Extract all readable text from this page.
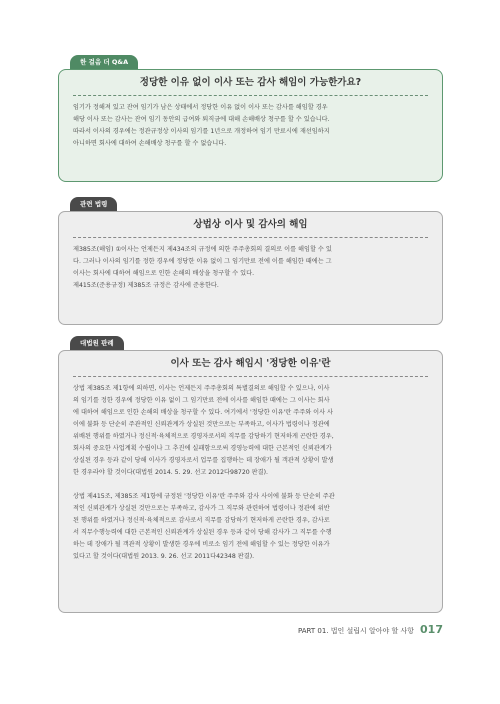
한 걸음 더 Q&A
정당한 이유 없이 이사 또는 감사 해임이 가능한가요?

임기가 정해져 있고 잔여 임기가 남은 상태에서 정당한 이유 없이 이사 또는 감사를 해임할 경우

해당 이사 또는 감사는 잔여 임기 동안의 급여와 퇴직금에 대해 손해배상 청구를 할 수 있습니다.

따라서 이사의 경우에는 정관규정상 이사의 임기를 1년으로 개정하여 임기 만료시에 재선임하지

아니하면 회사에 대하여 손해배상 청구를 할 수 없습니다.

관련 법령
상법상 이사 및 감사의 해임

제385조(해임) ①이사는 언제든지 제434조의 규정에 의한 주주총회의 결의로 이를 해임할 수 있

다. 그러나 이사의 임기를 정한 경우에 정당한 이유 없이 그 임기만료 전에 이를 해임한 때에는 그

이사는 회사에 대하여 해임으로 인한 손해의 배상을 청구할 수 있다.

제415조(준용규정) 제385조 규정은 감사에 준용한다.

대법원 판례
이사 또는 감사 해임시 '정당한 이유'란

상법 제385조 제1항에 의하면, 이사는 언제든지 주주총회의 특별결의로 해임할 수 있으나, 이사

의 임기를 정한 경우에 정당한 이유 없이 그 임기만료 전에 이사를 해임한 때에는 그 이사는 회사

에 대하여 해임으로 인한 손해의 배상을 청구할 수 있다. 여기에서 '정당한 이유'란 주주와 이사 사

이에 불화 등 단순히 주관적인 신뢰관계가 상실된 것만으로는 부족하고, 이사가 법령이나 정관에

위배된 행위를 하였거나 정신적·육체적으로 경영자로서의 직무를 감당하기 현저하게 곤란한 경우,

회사의 중요한 사업계획 수립이나 그 추진에 실패함으로써 경영능력에 대한 근본적인 신뢰관계가

상실된 경우 등과 같이 당해 이사가 경영자로서 업무를 집행하는 데 장애가 될 객관적 상황이 발생

한 경우라야 할 것이다(대법원 2014. 5. 29. 선고 2012다98720 판결).

상법 제415조, 제385조 제1항에 규정된 '정당한 이유'란 주주와 감사 사이에 불화 등 단순히 주관

적인 신뢰관계가 상실된 것만으로는 부족하고, 감사가 그 직무와 관련하여 법령이나 정관에 위반

된 행위를 하였거나 정신적·육체적으로 감사로서 직무를 감당하기 현저하게 곤란한 경우, 감사로

서 직무수행능력에 대한 근본적인 신뢰관계가 상실된 경우 등과 같이 당해 감사가 그 직무를 수행

하는 데 장애가 될 객관적 상황이 발생한 경우에 비로소 임기 전에 해임할 수 있는 정당한 이유가

있다고 할 것이다(대법원 2013. 9. 26. 선고 2011다42348 판결).

PART 01. 법인 설립시 알아야 할 사항 017
